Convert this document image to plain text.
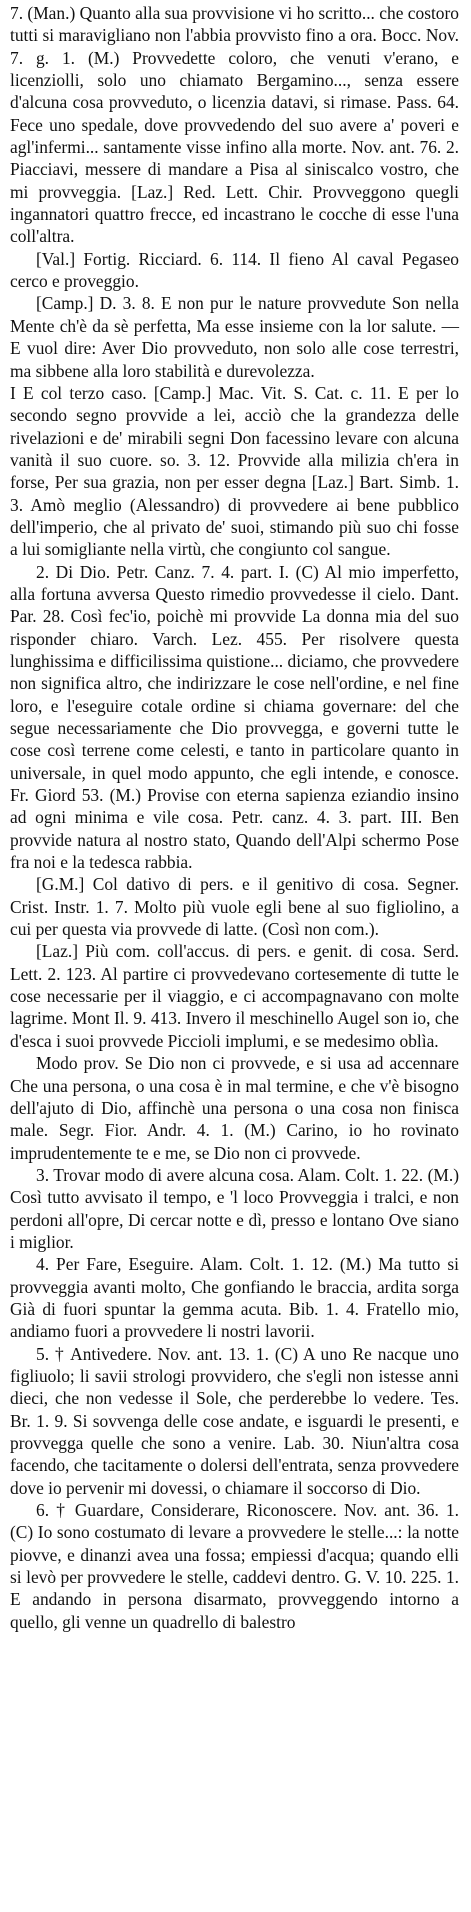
7. (Man.) Quanto alla sua provvisione vi ho scritto... che costoro tutti si maravigliano non l'abbia provvisto fino a ora. Bocc. Nov. 7. g. 1. (M.) Provvedette coloro, che venuti v'erano, e licenziolli, solo uno chiamato Bergamino..., senza essere d'alcuna cosa provveduto, o licenzia datavi, si rimase. Pass. 64. Fece uno spedale, dove provvedendo del suo avere a' poveri e agl'infermi... santamente visse infino alla morte. Nov. ant. 76. 2. Piacciavi, messere di mandare a Pisa al siniscalco vostro, che mi provveggia. [Laz.] Red. Lett. Chir. Provveggono quegli ingannatori quattro frecce, ed incastrano le cocche di esse l'una coll'altra.

[Val.] Fortig. Ricciard. 6. 114. Il fieno Al caval Pegaseo cerco e proveggio.

[Camp.] D. 3. 8. E non pur le nature provvedute Son nella Mente ch'è da sè perfetta, Ma esse insieme con la lor salute. — E vuol dire: Aver Dio provveduto, non solo alle cose terrestri, ma sibbene alla loro stabilità e durevolezza.

I E col terzo caso. [Camp.] Mac. Vit. S. Cat. c. 11. E per lo secondo segno provvide a lei, acciò che la grandezza delle rivelazioni e de' mirabili segni Don facessino levare con alcuna vanità il suo cuore. so. 3. 12. Provvide alla milizia ch'era in forse, Per sua grazia, non per esser degna [Laz.] Bart. Simb. 1. 3. Amò meglio (Alessandro) di provvedere ai bene pubblico dell'imperio, che al privato de' suoi, stimando più suo chi fosse a lui somigliante nella virtù, che congiunto col sangue.

2. Di Dio. Petr. Canz. 7. 4. part. I. (C) Al mio imperfetto, alla fortuna avversa Questo rimedio provvedesse il cielo. Dant. Par. 28. Così fec'io, poichè mi provvide La donna mia del suo risponder chiaro. Varch. Lez. 455. Per risolvere questa lunghissima e difficilissima quistione... diciamo, che provvedere non significa altro, che indirizzare le cose nell'ordine, e nel fine loro, e l'eseguire cotale ordine si chiama governare: del che segue necessariamente che Dio provvegga, e governi tutte le cose così terrene come celesti, e tanto in particolare quanto in universale, in quel modo appunto, che egli intende, e conosce. Fr. Giord 53. (M.) Provise con eterna sapienza eziandio insino ad ogni minima e vile cosa. Petr. canz. 4. 3. part. III. Ben provvide natura al nostro stato, Quando dell'Alpi schermo Pose fra noi e la tedesca rabbia.

[G.M.] Col dativo di pers. e il genitivo di cosa. Segner. Crist. Instr. 1. 7. Molto più vuole egli bene al suo figliolino, a cui per questa via provvede di latte. (Così non com.).

[Laz.] Più com. coll'accus. di pers. e genit. di cosa. Serd. Lett. 2. 123. Al partire ci provvedevano cortesemente di tutte le cose necessarie per il viaggio, e ci accompagnavano con molte lagrime. Mont Il. 9. 413. Invero il meschinello Augel son io, che d'esca i suoi provvede Piccioli implumi, e se medesimo oblìa.

Modo prov. Se Dio non ci provvede, e si usa ad accennare Che una persona, o una cosa è in mal termine, e che v'è bisogno dell'ajuto di Dio, affinchè una persona o una cosa non finisca male. Segr. Fior. Andr. 4. 1. (M.) Carino, io ho rovinato imprudentemente te e me, se Dio non ci provvede.

3. Trovar modo di avere alcuna cosa. Alam. Colt. 1. 22. (M.) Così tutto avvisato il tempo, e 'l loco Provveggia i tralci, e non perdoni all'opre, Di cercar notte e dì, presso e lontano Ove siano i miglior.

4. Per Fare, Eseguire. Alam. Colt. 1. 12. (M.) Ma tutto si provveggia avanti molto, Che gonfiando le braccia, ardita sorga Già di fuori spuntar la gemma acuta. Bib. 1. 4. Fratello mio, andiamo fuori a provvedere li nostri lavorii.

5. † Antivedere. Nov. ant. 13. 1. (C) A uno Re nacque uno figliuolo; li savii strologi provvidero, che s'egli non istesse anni dieci, che non vedesse il Sole, che perderebbe lo vedere. Tes. Br. 1. 9. Si sovvenga delle cose andate, e isguardi le presenti, e provvegga quelle che sono a venire. Lab. 30. Niun'altra cosa facendo, che tacitamente o dolersi dell'entrata, senza provvedere dove io pervenir mi dovessi, o chiamare il soccorso di Dio.

6. † Guardare, Considerare, Riconoscere. Nov. ant. 36. 1. (C) Io sono costumato di levare a provvedere le stelle...: la notte piovve, e dinanzi avea una fossa; empiessi d'acqua; quando elli si levò per provvedere le stelle, caddevi dentro. G. V. 10. 225. 1. E andando in persona disarmato, provveggendo intorno a quello, gli venne un quadrello di balestro
